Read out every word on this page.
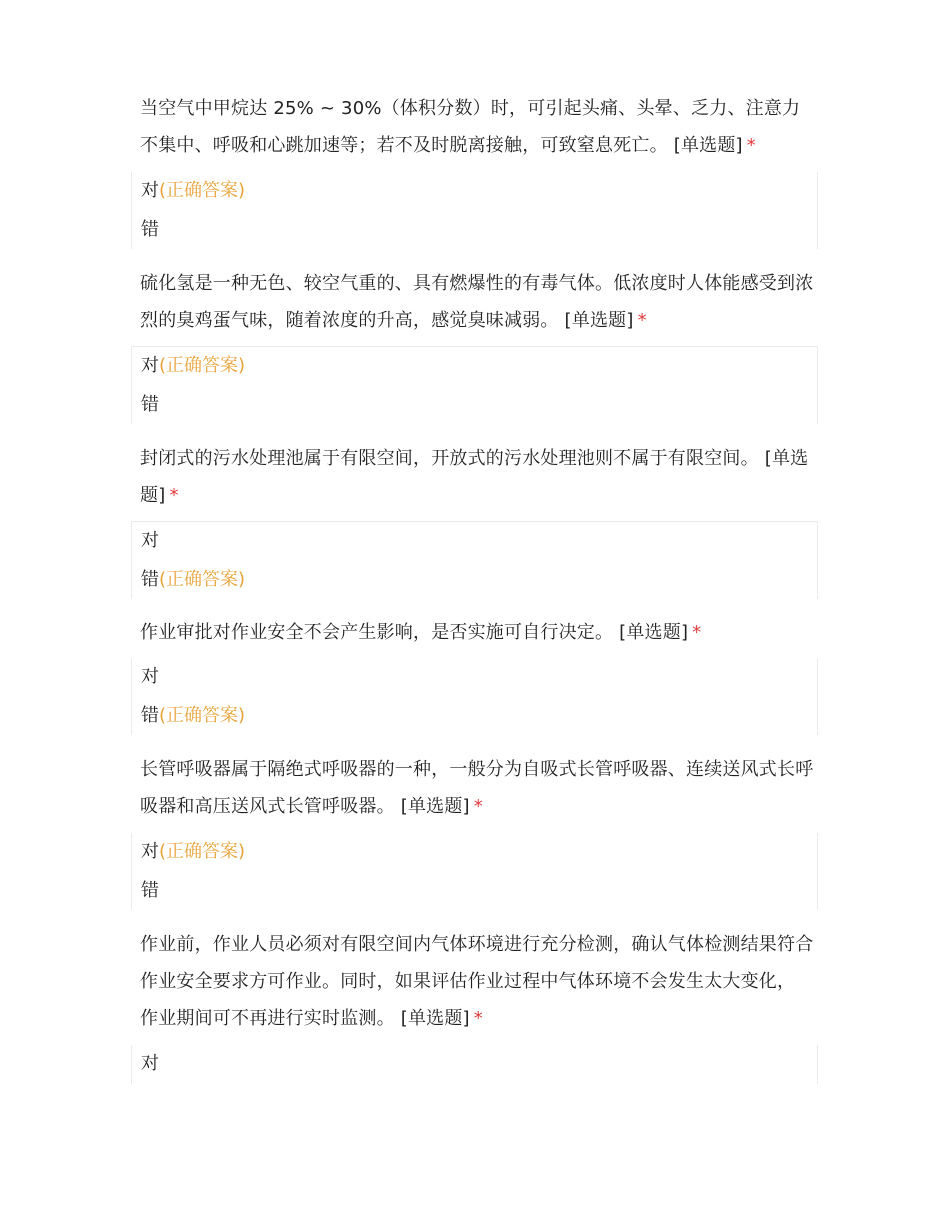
当空气中甲烷达 25% ~ 30%（体积分数）时，可引起头痛、头晕、乏力、注意力不集中、呼吸和心跳加速等；若不及时脱离接触，可致窒息死亡。 [单选题] *

对(正确答案)
错

硫化氢是一种无色、较空气重的、具有燃爆性的有毒气体。低浓度时人体能感受到浓烈的臭鸡蛋气味，随着浓度的升高，感觉臭味减弱。 [单选题] *

对(正确答案)
错

封闭式的污水处理池属于有限空间，开放式的污水处理池则不属于有限空间。 [单选题] *

对
错(正确答案)

作业审批对作业安全不会产生影响，是否实施可自行决定。 [单选题] *

对
错(正确答案)

长管呼吸器属于隔绝式呼吸器的一种，一般分为自吸式长管呼吸器、连续送风式长呼吸器和高压送风式长管呼吸器。 [单选题] *

对(正确答案)
错

作业前，作业人员必须对有限空间内气体环境进行充分检测，确认气体检测结果符合作业安全要求方可作业。同时，如果评估作业过程中气体环境不会发生太大变化， 作业期间可不再进行实时监测。 [单选题] *

对
